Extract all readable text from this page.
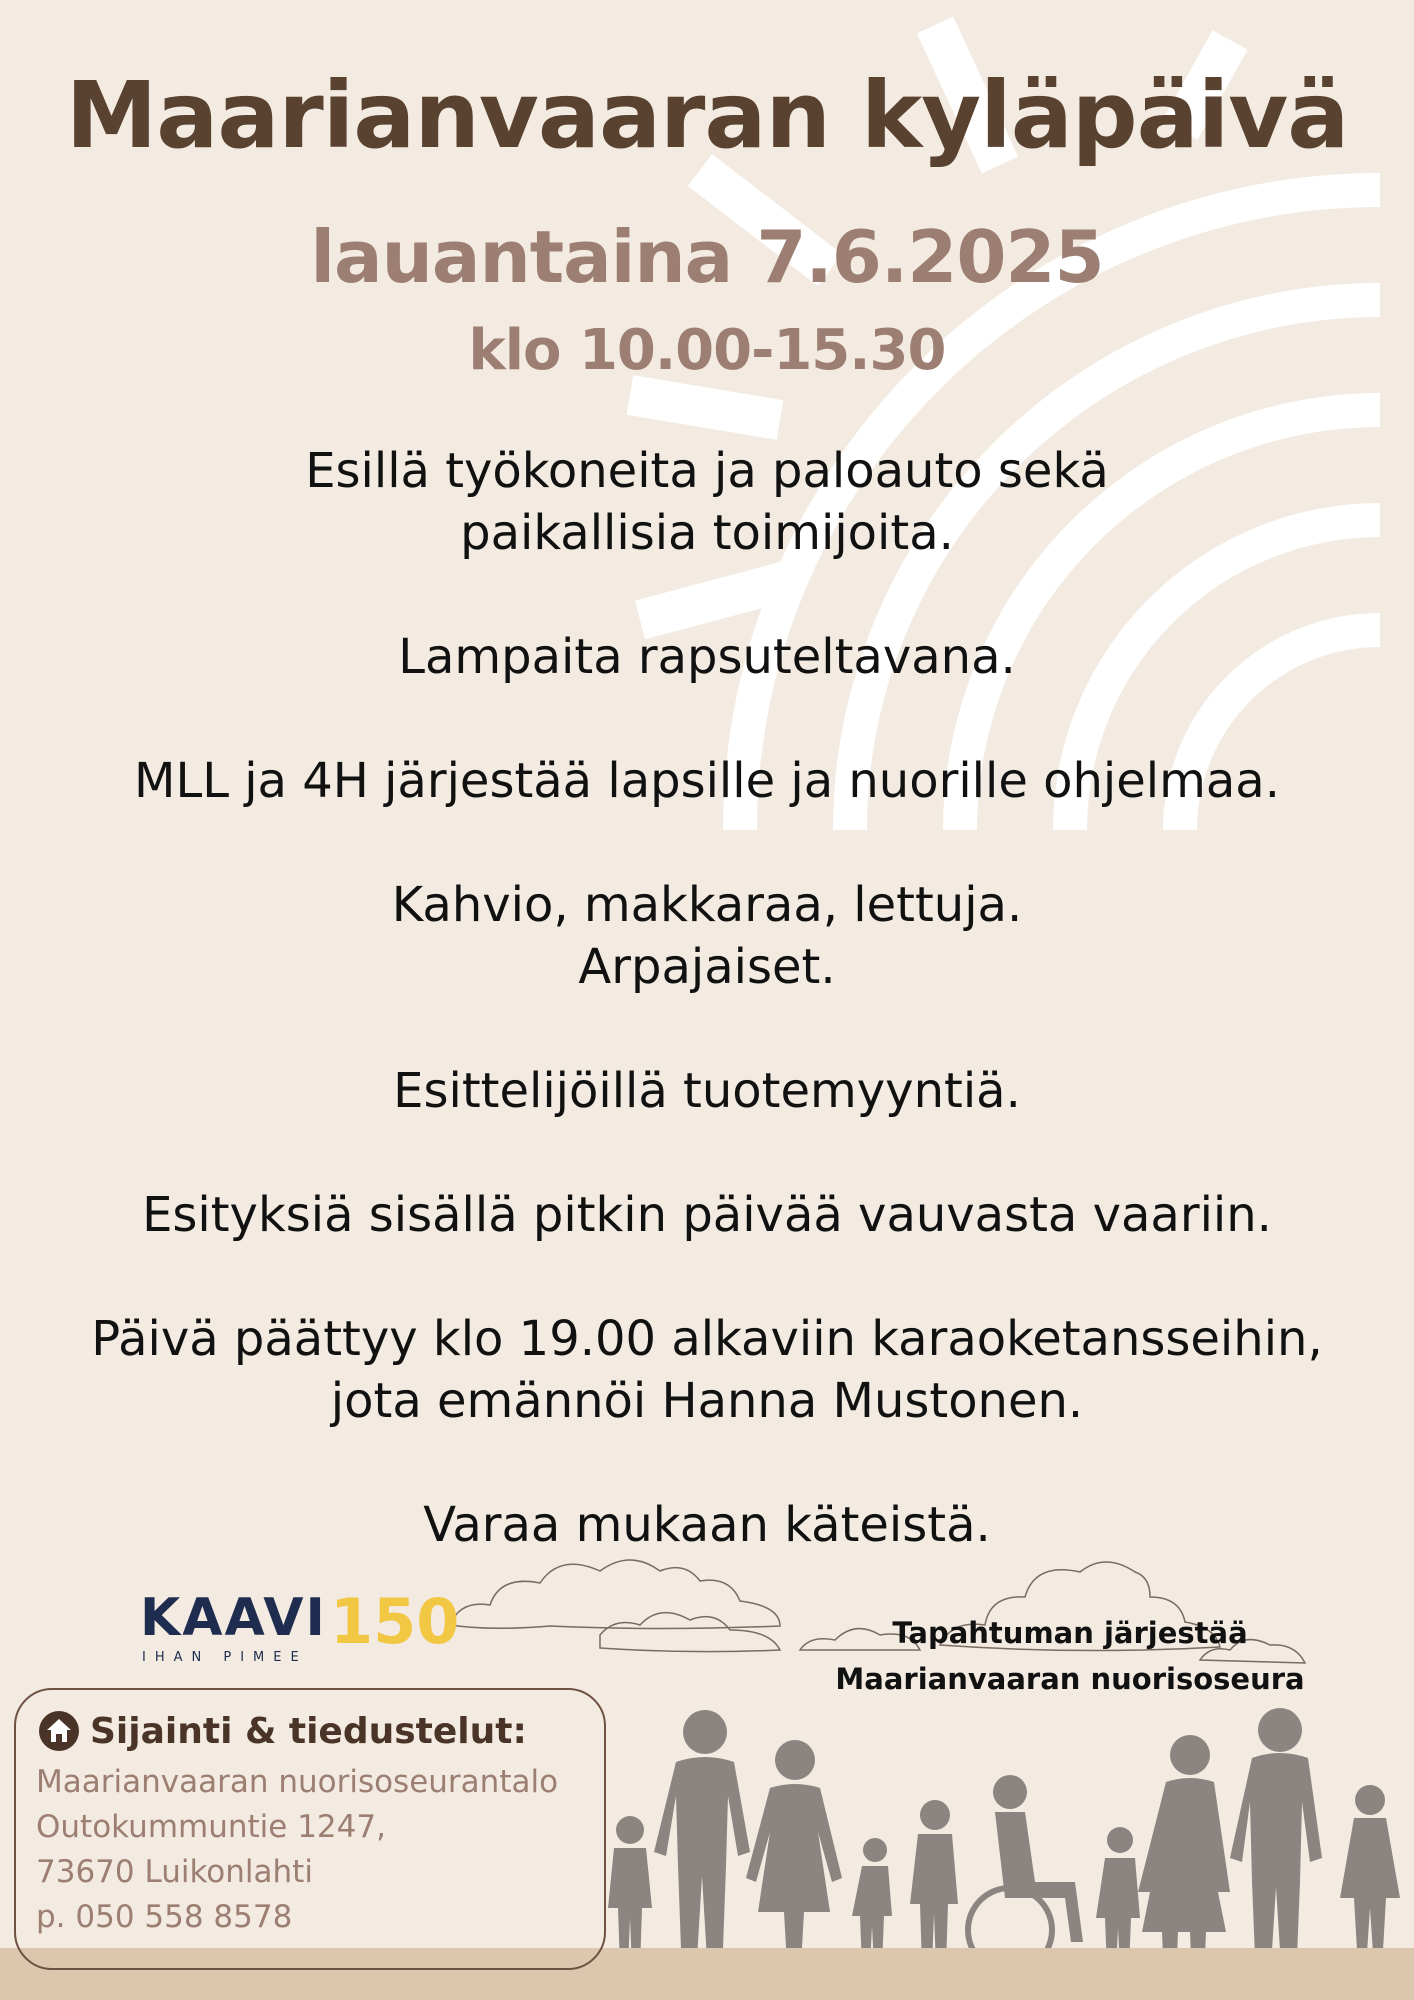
Maarianvaaran kyläpäivä
lauantaina 7.6.2025
klo 10.00-15.30

Esillä työkoneita ja paloauto sekä
paikallisia toimijoita.

Lampaita rapsuteltavana.

MLL ja 4H järjestää lapsille ja nuorille ohjelmaa.

Kahvio, makkaraa, lettuja.
Arpajaiset.

Esittelijöillä tuotemyyntiä.

Esityksiä sisällä pitkin päivää vauvasta vaariin.

Päivä päättyy klo 19.00 alkaviin karaoketansseihin,
jota emännöi Hanna Mustonen.

Varaa mukaan käteistä.

KAAVI 150
IHAN PIMEE
Tapahtuman järjestää
Maarianvaaran nuorisoseura
Sijainti & tiedustelut:
Maarianvaaran nuorisoseurantalo
Outokummuntie 1247,
73670 Luikonlahti
p. 050 558 8578
